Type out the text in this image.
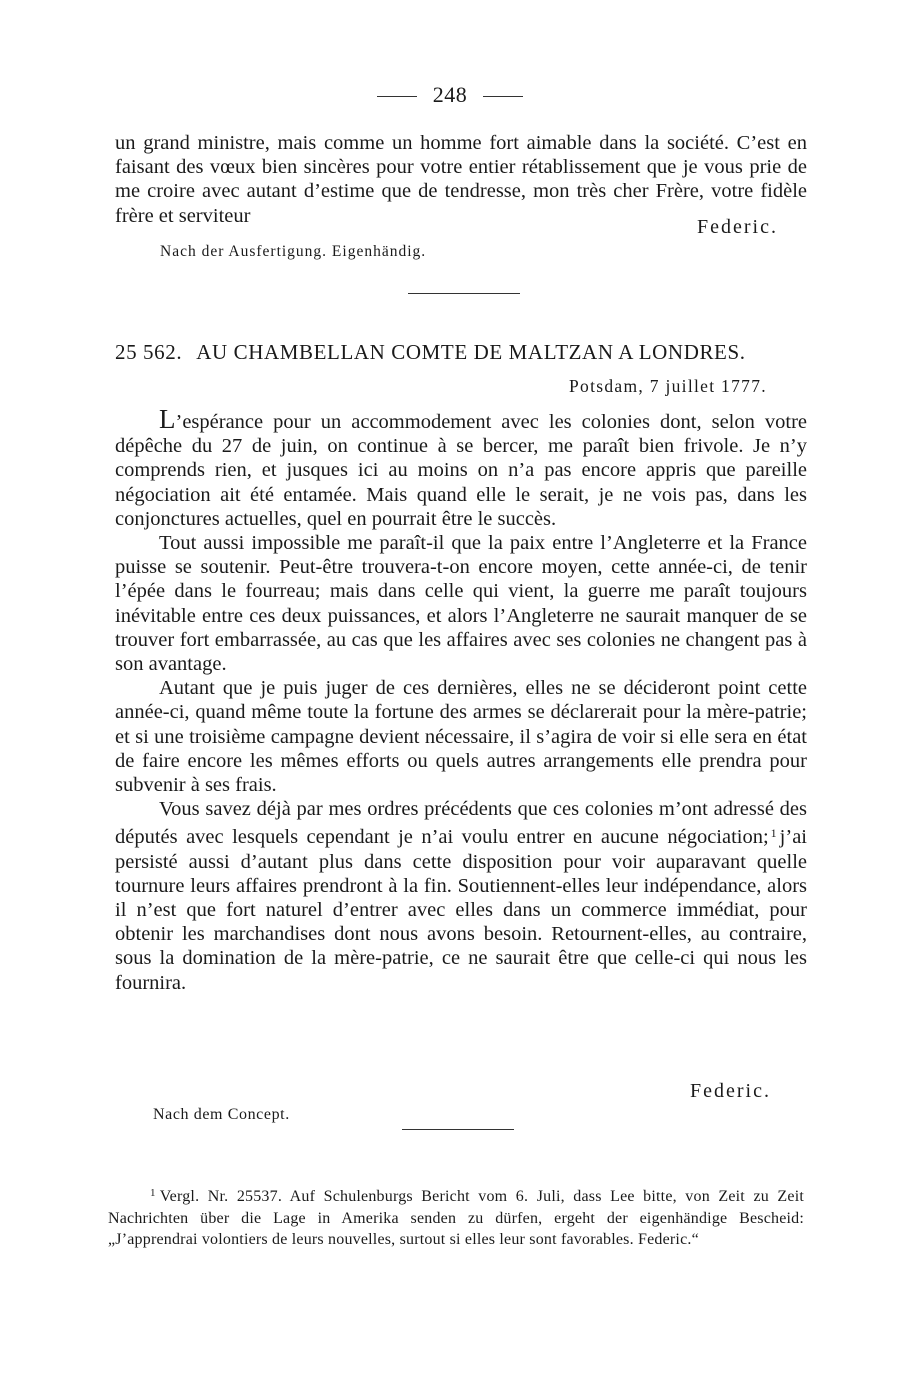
248

un grand ministre, mais comme un homme fort aimable dans la société. C’est en faisant des vœux bien sincères pour votre entier rétablissement que je vous prie de me croire avec autant d’estime que de tendresse, mon très cher Frère, votre fidèle frère et serviteur

Federic.
Nach der Ausfertigung. Eigenhändig.
25 562. AU CHAMBELLAN COMTE DE MALTZAN A LONDRES.
Potsdam, 7 juillet 1777.

L’espérance pour un accommodement avec les colonies dont, selon votre dépêche du 27 de juin, on continue à se bercer, me paraît bien frivole. Je n’y comprends rien, et jusques ici au moins on n’a pas encore appris que pareille négociation ait été entamée. Mais quand elle le serait, je ne vois pas, dans les conjonctures actuelles, quel en pourrait être le succès.

Tout aussi impossible me paraît-il que la paix entre l’Angleterre et la France puisse se soutenir. Peut-être trouvera-t-on encore moyen, cette année-ci, de tenir l’épée dans le fourreau; mais dans celle qui vient, la guerre me paraît toujours inévitable entre ces deux puissances, et alors l’Angleterre ne saurait manquer de se trouver fort embarrassée, au cas que les affaires avec ses colonies ne changent pas à son avantage.

Autant que je puis juger de ces dernières, elles ne se décideront point cette année-ci, quand même toute la fortune des armes se déclarerait pour la mère-patrie; et si une troisième campagne devient nécessaire, il s’agira de voir si elle sera en état de faire encore les mêmes efforts ou quels autres arrangements elle prendra pour subvenir à ses frais.

Vous savez déjà par mes ordres précédents que ces colonies m’ont adressé des députés avec lesquels cependant je n’ai voulu entrer en aucune négociation; $^1$ j’ai persisté aussi d’autant plus dans cette disposition pour voir auparavant quelle tournure leurs affaires prendront à la fin. Soutiennent-elles leur indépendance, alors il n’est que fort naturel d’entrer avec elles dans un commerce immédiat, pour obtenir les marchandises dont nous avons besoin. Retournent-elles, au contraire, sous la domination de la mère-patrie, ce ne saurait être que celle-ci qui nous les fournira.

Federic.
Nach dem Concept.
$^1$ Vergl. Nr. 25537. Auf Schulenburgs Bericht vom 6. Juli, dass Lee bitte, von Zeit zu Zeit Nachrichten über die Lage in Amerika senden zu dürfen, ergeht der eigenhändige Bescheid: „J’apprendrai volontiers de leurs nouvelles, surtout si elles leur sont favorables. Federic.“
